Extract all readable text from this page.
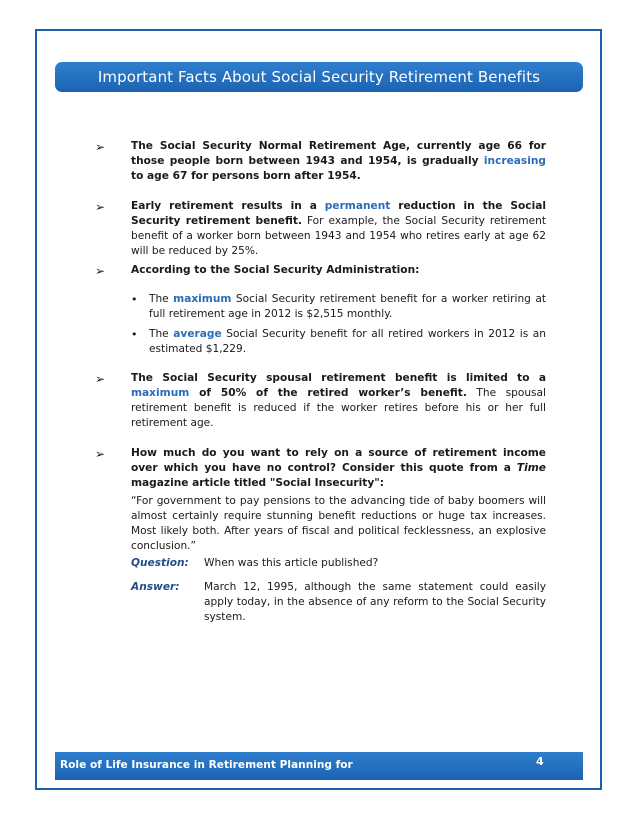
Important Facts About Social Security Retirement Benefits
➢ The Social Security Normal Retirement Age, currently age 66 for those people born between 1943 and 1954, is gradually increasing to age 67 for persons born after 1954.
➢ Early retirement results in a permanent reduction in the Social Security retirement benefit. For example, the Social Security retirement benefit of a worker born between 1943 and 1954 who retires early at age 62 will be reduced by 25%.
➢ According to the Social Security Administration:
• The maximum Social Security retirement benefit for a worker retiring at full retirement age in 2012 is $2,515 monthly.
• The average Social Security benefit for all retired workers in 2012 is an estimated $1,229.
➢ The Social Security spousal retirement benefit is limited to a maximum of 50% of the retired worker’s benefit. The spousal retirement benefit is reduced if the worker retires before his or her full retirement age.
➢ How much do you want to rely on a source of retirement income over which you have no control? Consider this quote from a Time magazine article titled "Social Insecurity":
“For government to pay pensions to the advancing tide of baby boomers will almost certainly require stunning benefit reductions or huge tax increases. Most likely both. After years of fiscal and political fecklessness, an explosive conclusion.”
Question: When was this article published?
Answer: March 12, 1995, although the same statement could easily apply today, in the absence of any reform to the Social Security system.
Role of Life Insurance in Retirement Planning for	4
